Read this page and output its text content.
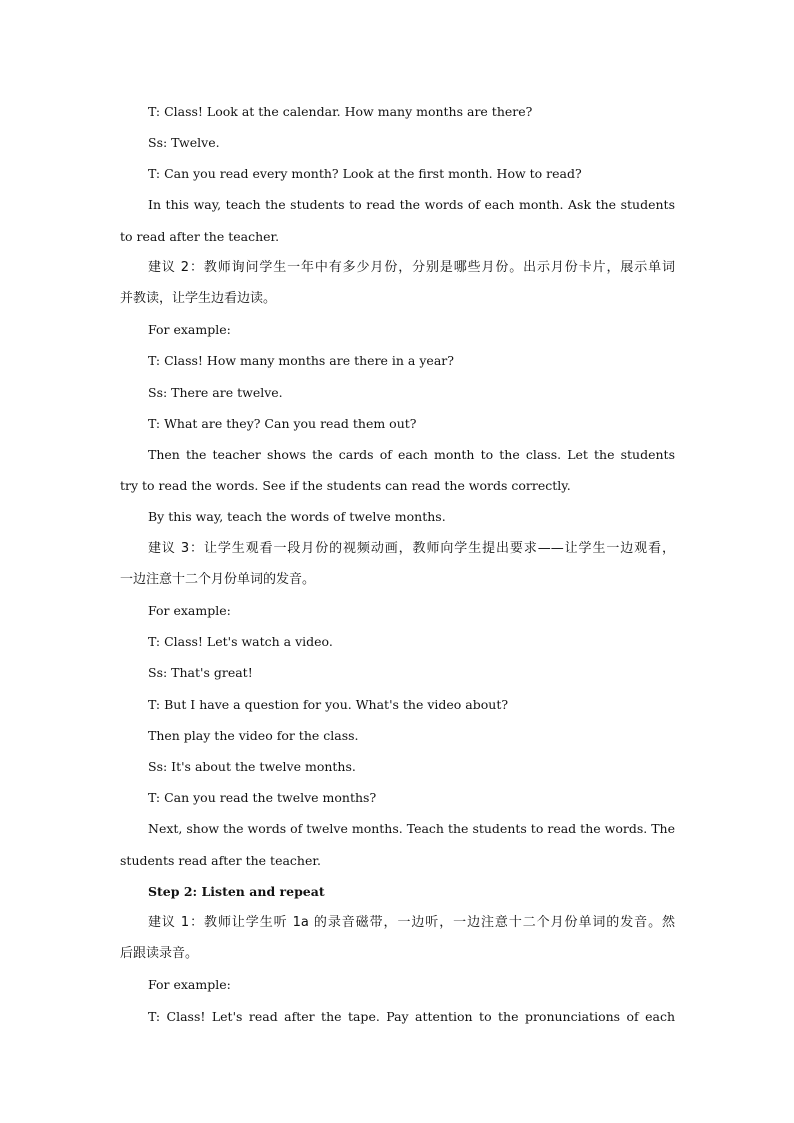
T: Class! Look at the calendar. How many months are there?
Ss: Twelve.
T: Can you read every month? Look at the first month. How to read?
In this way, teach the students to read the words of each month. Ask the students
to read after the teacher.
建议 2：教师询问学生一年中有多少月份，分别是哪些月份。出示月份卡片，展示单词
并教读，让学生边看边读。
For example:
T: Class! How many months are there in a year?
Ss: There are twelve.
T: What are they? Can you read them out?
Then the teacher shows the cards of each month to the class. Let the students
try to read the words. See if the students can read the words correctly.
By this way, teach the words of twelve months.
建议 3：让学生观看一段月份的视频动画，教师向学生提出要求——让学生一边观看，
一边注意十二个月份单词的发音。
For example:
T: Class! Let's watch a video.
Ss: That's great!
T: But I have a question for you. What's the video about?
Then play the video for the class.
Ss: It's about the twelve months.
T: Can you read the twelve months?
Next, show the words of twelve months. Teach the students to read the words. The
students read after the teacher.
Step 2: Listen and repeat
建议 1：教师让学生听 1a 的录音磁带，一边听，一边注意十二个月份单词的发音。然
后跟读录音。
For example:
T: Class! Let's read after the tape. Pay attention to the pronunciations of each
